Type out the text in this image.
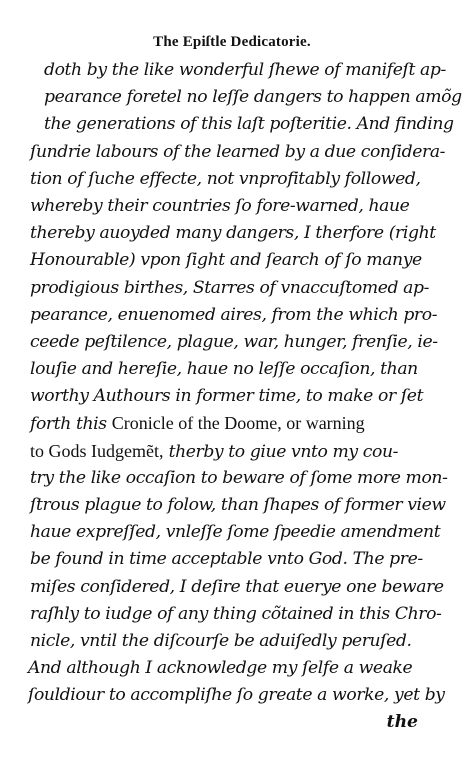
The Epiſtle Dedicatorie.
doth by the like wonderful ſhewe of manifeſt ap-
pearance foretel no leſſe dangers to happen amõg
the generations of this laſt poſteritie. And finding
ſundrie labours of the learned by a due conſidera-
tion of ſuche effecte, not vnprofitably followed,
whereby their countries ſo fore-warned, haue
thereby auoyded many dangers, I therfore (right
Honourable) vpon ſight and ſearch of ſo manye
prodigious birthes, Starres of vnaccuſtomed ap-
pearance, enuenomed aires, from the which pro-
ceede peſtilence, plague, war, hunger, frenſie, ie-
louſie and hereſie, haue no leſſe occaſion, than
worthy Authours in former time, to make or ſet
forth this Cronicle of the Doome, or warning
to Gods Iudgemẽt, therby to giue vnto my cou-
try the like occaſion to beware of ſome more mon-
ſtrous plague to folow, than ſhapes of former view
haue expreſſed, vnleſſe ſome ſpeedie amendment
be found in time acceptable vnto God. The pre-
miſes conſidered, I deſire that euerye one beware
raſhly to iudge of any thing cõtained in this Chro-
nicle, vntil the diſcourſe be aduiſedly peruſed.
And although I acknowledge my ſelfe a weake
ſouldiour to accompliſhe ſo greate a worke, yet by
the
